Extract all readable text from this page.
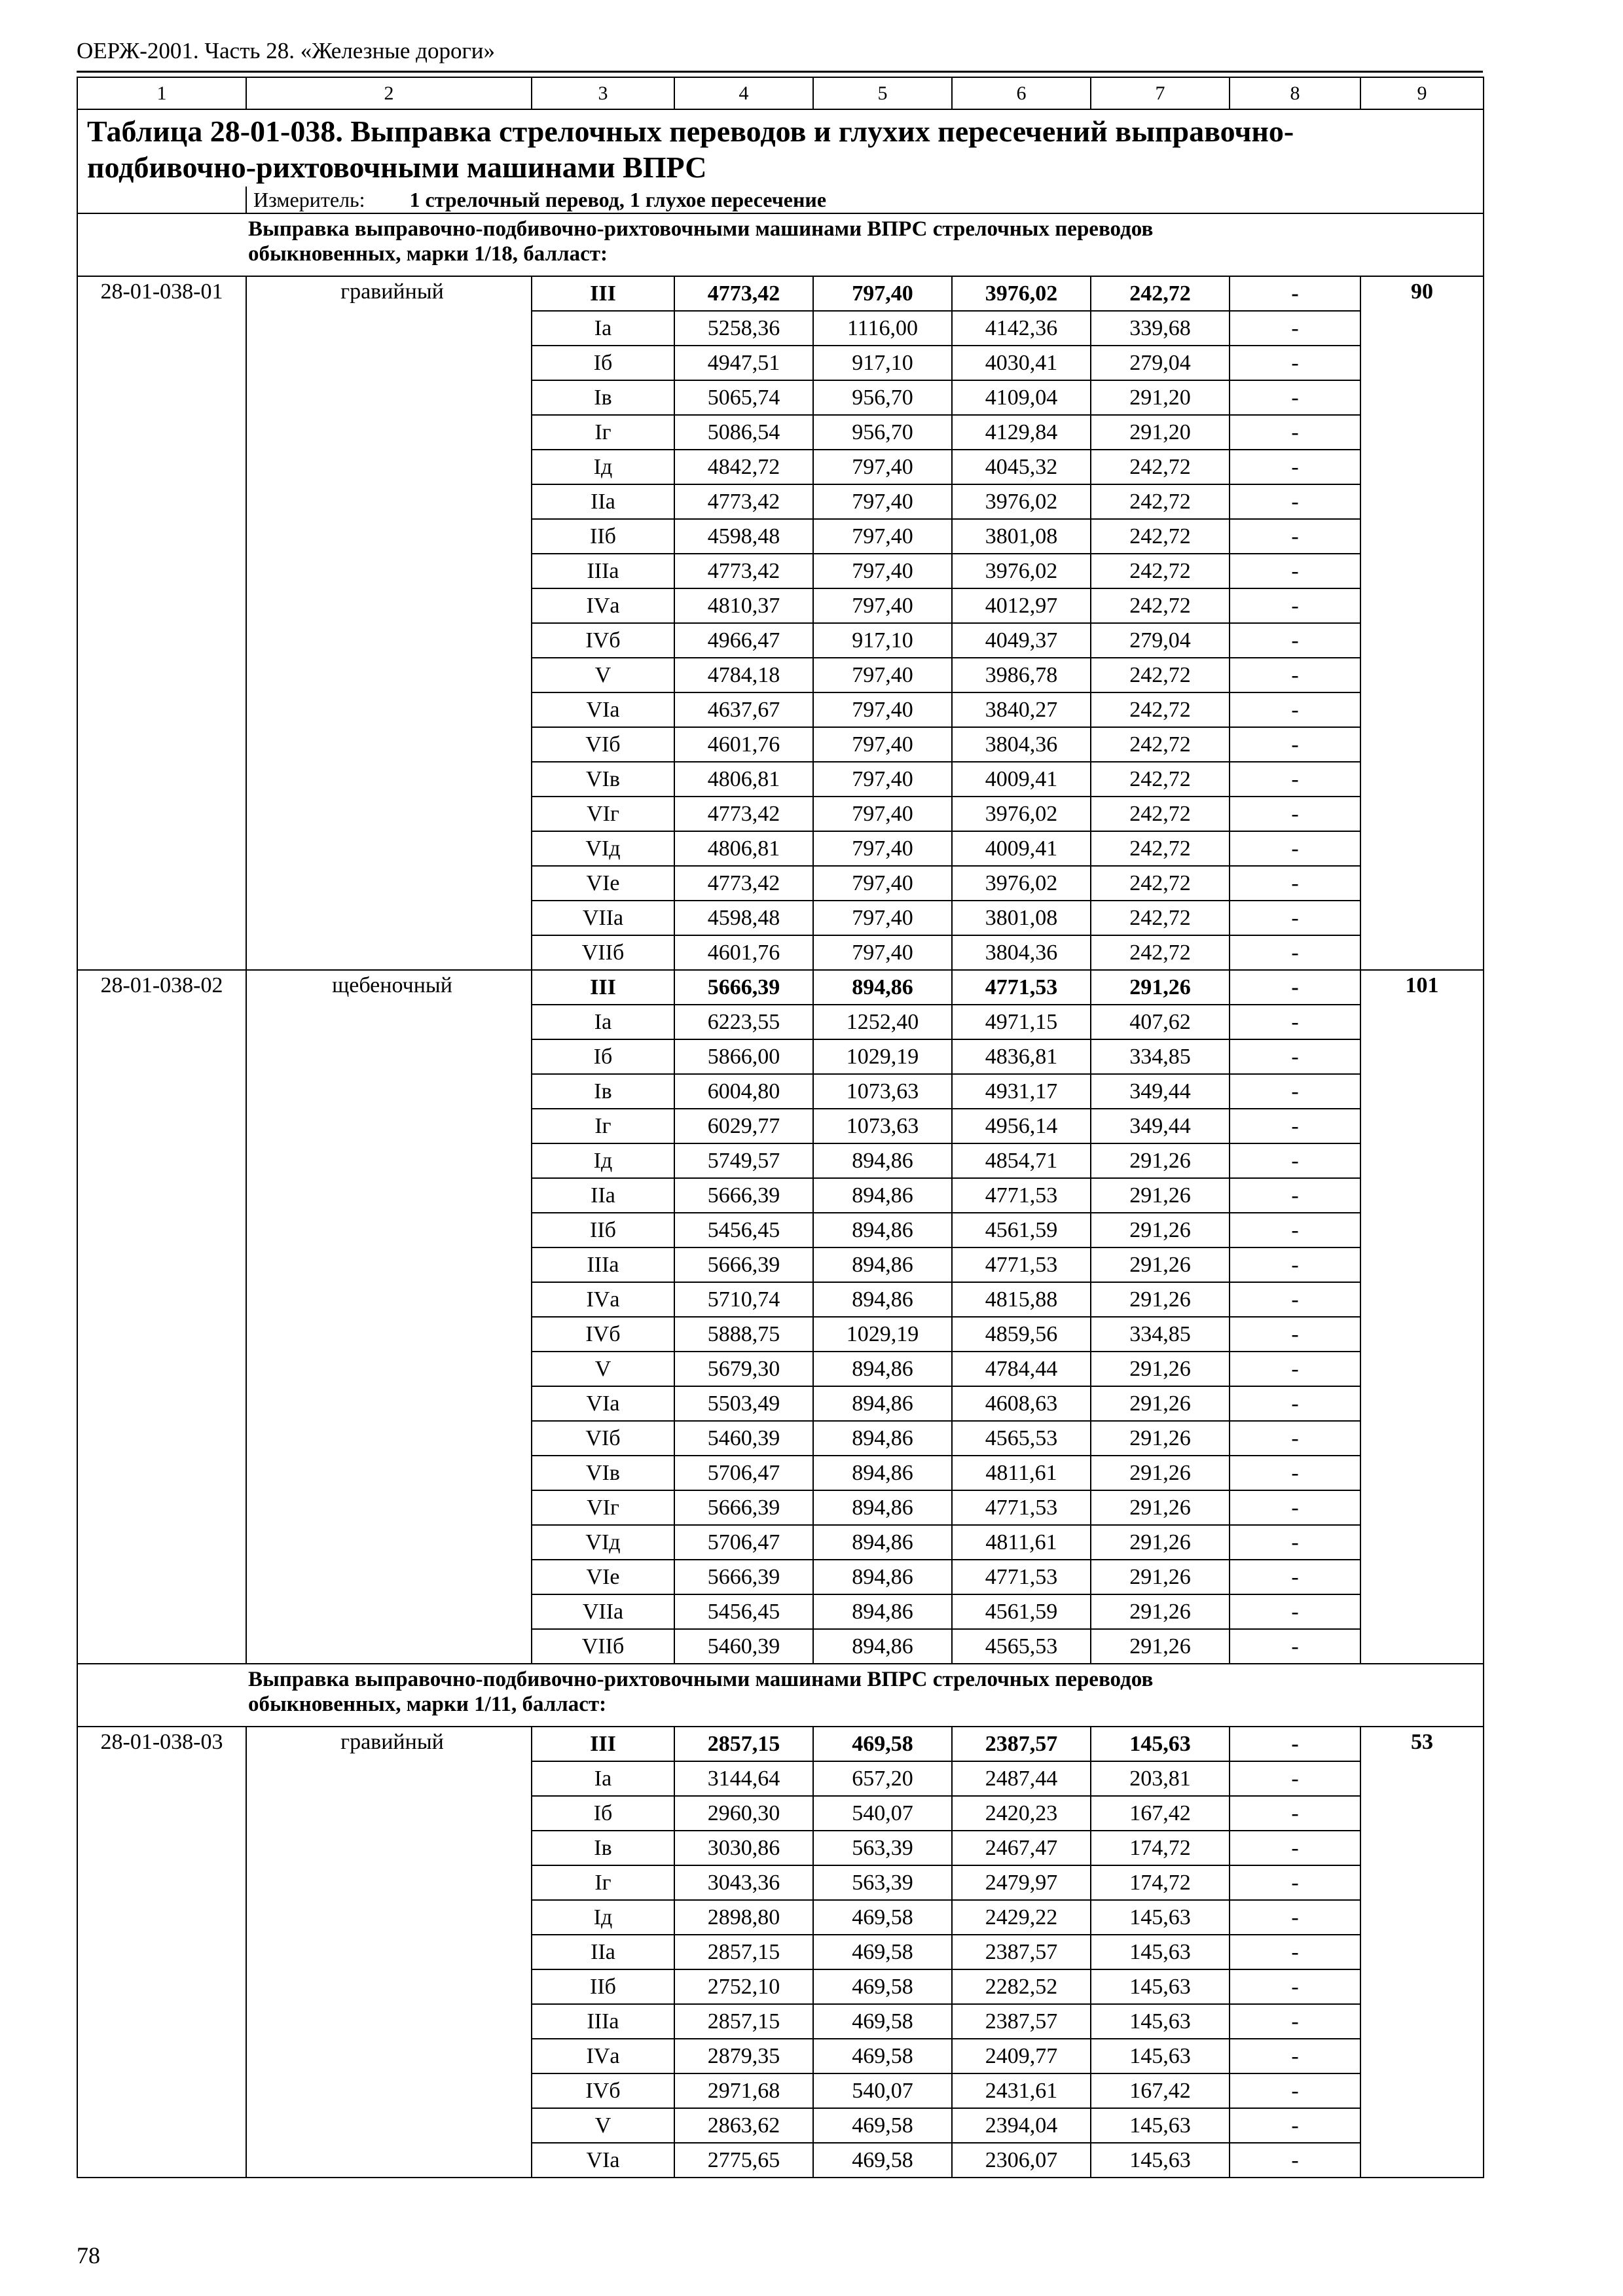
ОЕРЖ-2001. Часть 28. «Железные дороги»
1	2	3	4	5	6	7	8	9

Таблица 28-01-038. Выправка стрелочных переводов и глухих пересечений выправочно-
подбивочно-рихтовочными машинами ВПРС								

	Измеритель: 1 стрелочный перевод, 1 глухое пересечение							

Выправка выправочно-подбивочно-рихтовочными машинами ВПРС стрелочных переводов
обыкновенных, марки 1/18, балласт:								

28-01-038-01	гравийный	III	4773,42	797,40	3976,02	242,72	-	90
		Iа	5258,36	1116,00	4142,36	339,68	-	
		Iб	4947,51	917,10	4030,41	279,04	-	
		Iв	5065,74	956,70	4109,04	291,20	-	
		Iг	5086,54	956,70	4129,84	291,20	-	
		Iд	4842,72	797,40	4045,32	242,72	-	
		IIа	4773,42	797,40	3976,02	242,72	-	
		IIб	4598,48	797,40	3801,08	242,72	-	
		IIIа	4773,42	797,40	3976,02	242,72	-	
		IVа	4810,37	797,40	4012,97	242,72	-	
		IVб	4966,47	917,10	4049,37	279,04	-	
		V	4784,18	797,40	3986,78	242,72	-	
		VIа	4637,67	797,40	3840,27	242,72	-	
		VIб	4601,76	797,40	3804,36	242,72	-	
		VIв	4806,81	797,40	4009,41	242,72	-	
		VIг	4773,42	797,40	3976,02	242,72	-	
		VIд	4806,81	797,40	4009,41	242,72	-	
		VIе	4773,42	797,40	3976,02	242,72	-	
		VIIа	4598,48	797,40	3801,08	242,72	-	
		VIIб	4601,76	797,40	3804,36	242,72	-	
28-01-038-02	щебеночный	III	5666,39	894,86	4771,53	291,26	-	101
		Iа	6223,55	1252,40	4971,15	407,62	-	
		Iб	5866,00	1029,19	4836,81	334,85	-	
		Iв	6004,80	1073,63	4931,17	349,44	-	
		Iг	6029,77	1073,63	4956,14	349,44	-	
		Iд	5749,57	894,86	4854,71	291,26	-	
		IIа	5666,39	894,86	4771,53	291,26	-	
		IIб	5456,45	894,86	4561,59	291,26	-	
		IIIа	5666,39	894,86	4771,53	291,26	-	
		IVа	5710,74	894,86	4815,88	291,26	-	
		IVб	5888,75	1029,19	4859,56	334,85	-	
		V	5679,30	894,86	4784,44	291,26	-	
		VIа	5503,49	894,86	4608,63	291,26	-	
		VIб	5460,39	894,86	4565,53	291,26	-	
		VIв	5706,47	894,86	4811,61	291,26	-	
		VIг	5666,39	894,86	4771,53	291,26	-	
		VIд	5706,47	894,86	4811,61	291,26	-	
		VIе	5666,39	894,86	4771,53	291,26	-	
		VIIа	5456,45	894,86	4561,59	291,26	-	
		VIIб	5460,39	894,86	4565,53	291,26	-	

Выправка выправочно-подбивочно-рихтовочными машинами ВПРС стрелочных переводов
обыкновенных, марки 1/11, балласт:								

28-01-038-03	гравийный	III	2857,15	469,58	2387,57	145,63	-	53
		Iа	3144,64	657,20	2487,44	203,81	-	
		Iб	2960,30	540,07	2420,23	167,42	-	
		Iв	3030,86	563,39	2467,47	174,72	-	
		Iг	3043,36	563,39	2479,97	174,72	-	
		Iд	2898,80	469,58	2429,22	145,63	-	
		IIа	2857,15	469,58	2387,57	145,63	-	
		IIб	2752,10	469,58	2282,52	145,63	-	
		IIIа	2857,15	469,58	2387,57	145,63	-	
		IVа	2879,35	469,58	2409,77	145,63	-	
		IVб	2971,68	540,07	2431,61	167,42	-	
		V	2863,62	469,58	2394,04	145,63	-	
		VIа	2775,65	469,58	2306,07	145,63	-	
78
